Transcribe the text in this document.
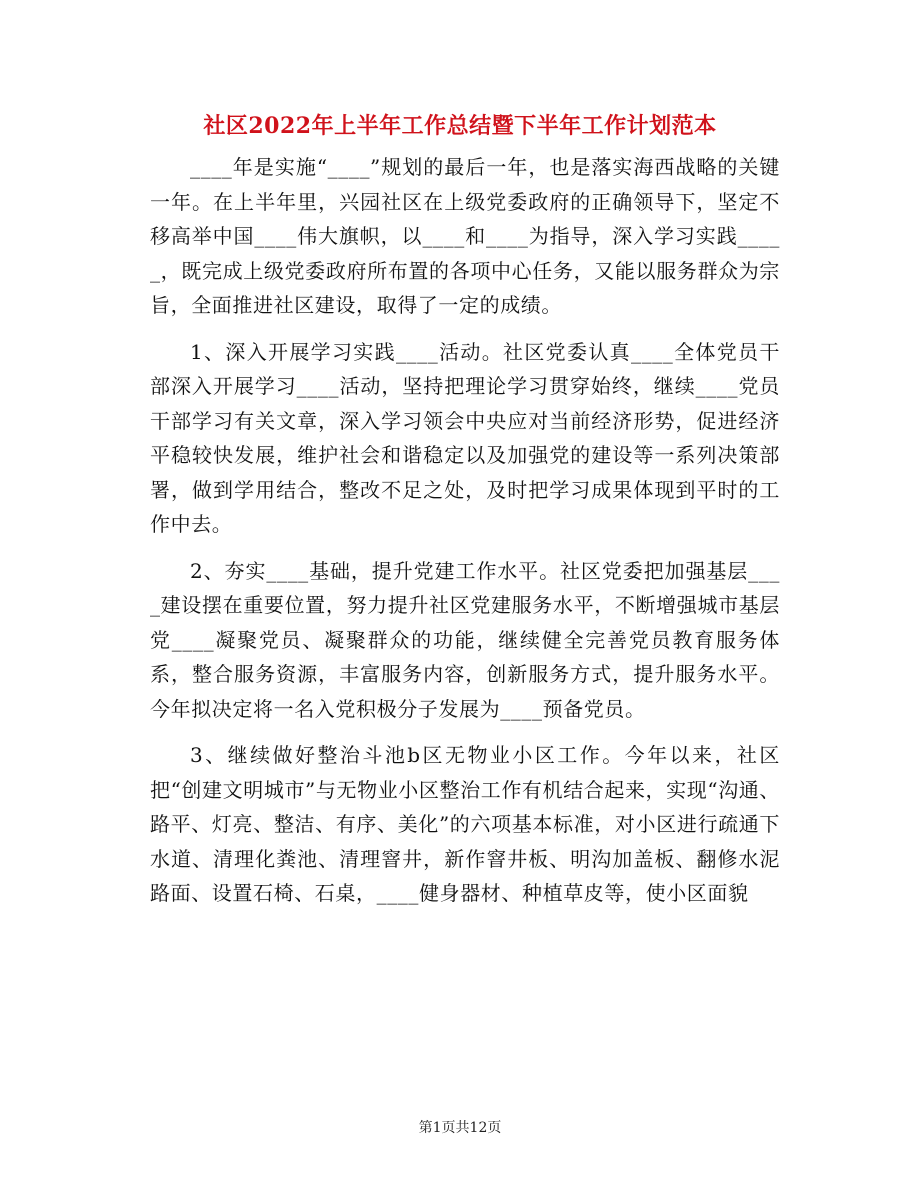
社区2022年上半年工作总结暨下半年工作计划范本

____年是实施“____”规划的最后一年，也是落实海西战略的关键一年。在上半年里，兴园社区在上级党委政府的正确领导下，坚定不移高举中国____伟大旗帜，以____和____为指导，深入学习实践_____，既完成上级党委政府所布置的各项中心任务，又能以服务群众为宗旨，全面推进社区建设，取得了一定的成绩。

1、深入开展学习实践____活动。社区党委认真____全体党员干部深入开展学习____活动，坚持把理论学习贯穿始终，继续____党员干部学习有关文章，深入学习领会中央应对当前经济形势，促进经济平稳较快发展，维护社会和谐稳定以及加强党的建设等一系列决策部署，做到学用结合，整改不足之处，及时把学习成果体现到平时的工作中去。

2、夯实____基础，提升党建工作水平。社区党委把加强基层____建设摆在重要位置，努力提升社区党建服务水平，不断增强城市基层党____凝聚党员、凝聚群众的功能，继续健全完善党员教育服务体系，整合服务资源，丰富服务内容，创新服务方式，提升服务水平。今年拟决定将一名入党积极分子发展为____预备党员。

3、继续做好整治斗池b区无物业小区工作。今年以来，社区把“创建文明城市”与无物业小区整治工作有机结合起来，实现“沟通、路平、灯亮、整洁、有序、美化”的六项基本标准，对小区进行疏通下水道、清理化粪池、清理窨井，新作窨井板、明沟加盖板、翻修水泥路面、设置石椅、石桌，____健身器材、种植草皮等，使小区面貌

第1页共12页
